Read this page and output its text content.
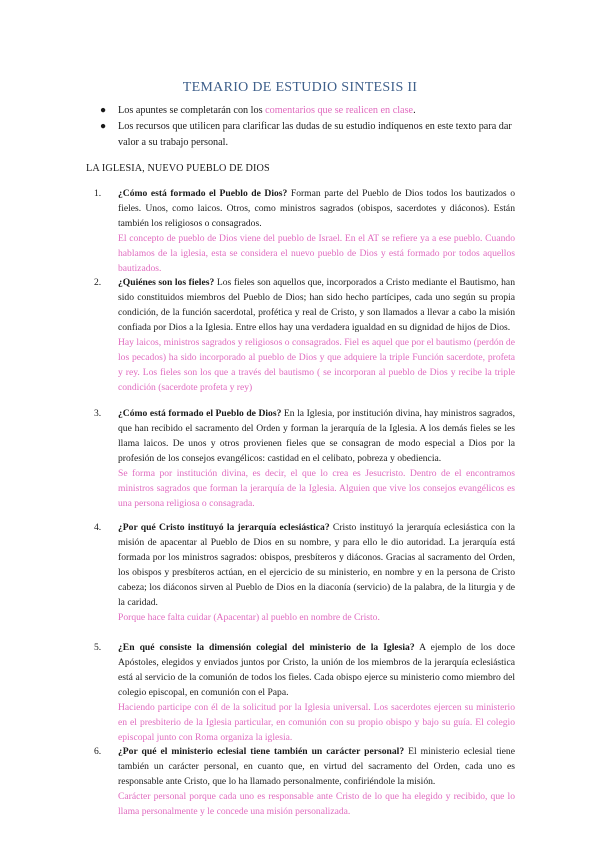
TEMARIO DE ESTUDIO SINTESIS II
● Los apuntes se completarán con los comentarios que se realicen en clase.
● Los recursos que utilicen para clarificar las dudas de su estudio indíquenos en este texto para dar valor a su trabajo personal.
LA IGLESIA, NUEVO PUEBLO DE DIOS
1. ¿Cómo está formado el Pueblo de Dios? Forman parte del Pueblo de Dios todos los bautizados o fieles. Unos, como laicos. Otros, como ministros sagrados (obispos, sacerdotes y diáconos). Están también los religiosos o consagrados.
El concepto de pueblo de Dios viene del pueblo de Israel. En el AT se refiere ya a ese pueblo. Cuando hablamos de la iglesia, esta se considera el nuevo pueblo de Dios y está formado por todos aquellos bautizados.
2. ¿Quiénes son los fieles? Los fieles son aquellos que, incorporados a Cristo mediante el Bautismo, han sido constituidos miembros del Pueblo de Dios; han sido hecho partícipes, cada uno según su propia condición, de la función sacerdotal, profética y real de Cristo, y son llamados a llevar a cabo la misión confiada por Dios a la Iglesia. Entre ellos hay una verdadera igualdad en su dignidad de hijos de Dios.
Hay laicos, ministros sagrados y religiosos o consagrados. Fiel es aquel que por el bautismo (perdón de los pecados) ha sido incorporado al pueblo de Dios y que adquiere la triple Función sacerdote, profeta y rey. Los fieles son los que a través del bautismo ( se incorporan al pueblo de Dios y recibe la triple condición (sacerdote profeta y rey)
3. ¿Cómo está formado el Pueblo de Dios? En la Iglesia, por institución divina, hay ministros sagrados, que han recibido el sacramento del Orden y forman la jerarquía de la Iglesia. A los demás fieles se les llama laicos. De unos y otros provienen fieles que se consagran de modo especial a Dios por la profesión de los consejos evangélicos: castidad en el celibato, pobreza y obediencia.
Se forma por institución divina, es decir, el que lo crea es Jesucristo. Dentro de el encontramos ministros sagrados que forman la jerarquía de la Iglesia. Alguien que vive los consejos evangélicos es una persona religiosa o consagrada.
4. ¿Por qué Cristo instituyó la jerarquía eclesiástica? Cristo instituyó la jerarquía eclesiástica con la misión de apacentar al Pueblo de Dios en su nombre, y para ello le dio autoridad. La jerarquía está formada por los ministros sagrados: obispos, presbíteros y diáconos. Gracias al sacramento del Orden, los obispos y presbíteros actúan, en el ejercicio de su ministerio, en nombre y en la persona de Cristo cabeza; los diáconos sirven al Pueblo de Dios en la diaconía (servicio) de la palabra, de la liturgia y de la caridad.
Porque hace falta cuidar (Apacentar) al pueblo en nombre de Cristo.
5. ¿En qué consiste la dimensión colegial del ministerio de la Iglesia? A ejemplo de los doce Apóstoles, elegidos y enviados juntos por Cristo, la unión de los miembros de la jerarquía eclesiástica está al servicio de la comunión de todos los fieles. Cada obispo ejerce su ministerio como miembro del colegio episcopal, en comunión con el Papa.
Haciendo participe con él de la solicitud por la Iglesia universal. Los sacerdotes ejercen su ministerio en el presbiterio de la Iglesia particular, en comunión con su propio obispo y bajo su guía. El colegio episcopal junto con Roma organiza la iglesia.
6. ¿Por qué el ministerio eclesial tiene también un carácter personal? El ministerio eclesial tiene también un carácter personal, en cuanto que, en virtud del sacramento del Orden, cada uno es responsable ante Cristo, que lo ha llamado personalmente, confiriéndole la misión.
Carácter personal porque cada uno es responsable ante Cristo de lo que ha elegido y recibido, que lo llama personalmente y le concede una misión personalizada.
